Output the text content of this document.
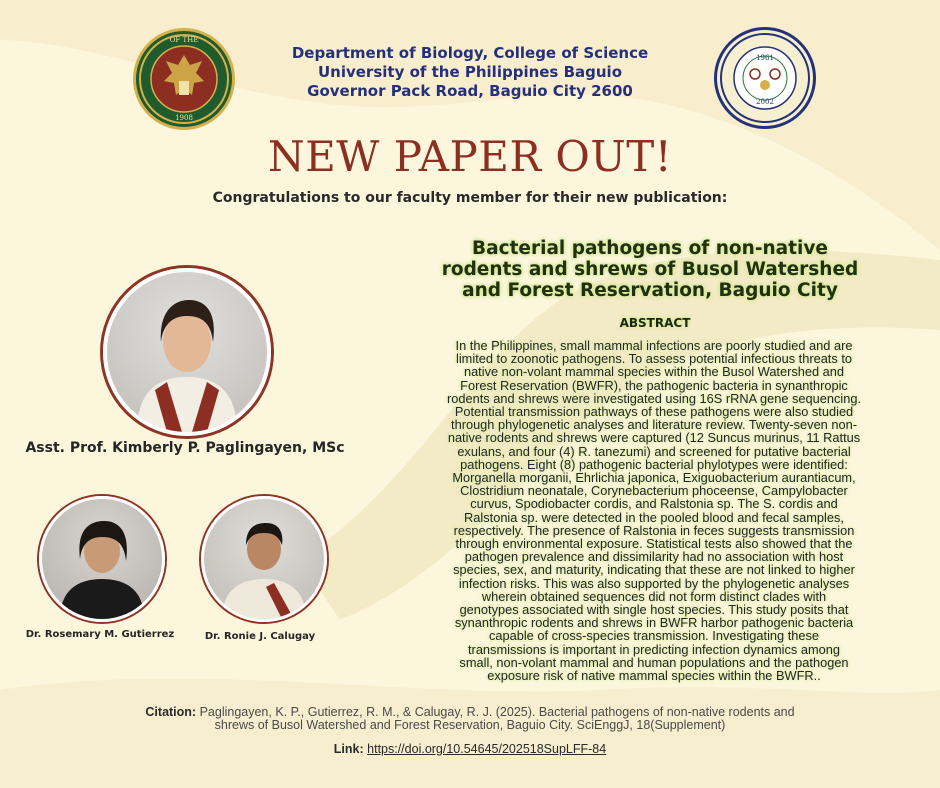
OF THE
1908
1961
2002
Department of Biology, College of Science
University of the Philippines Baguio
Governor Pack Road, Baguio City 2600
NEW PAPER OUT!
Congratulations to our faculty member for their new publication:
Bacterial pathogens of non-native
rodents and shrews of Busol Watershed
and Forest Reservation, Baguio City
ABSTRACT
In the Philippines, small mammal infections are poorly studied and are
limited to zoonotic pathogens. To assess potential infectious threats to
native non-volant mammal species within the Busol Watershed and
Forest Reservation (BWFR), the pathogenic bacteria in synanthropic
rodents and shrews were investigated using 16S rRNA gene sequencing.
Potential transmission pathways of these pathogens were also studied
through phylogenetic analyses and literature review. Twenty-seven non-
native rodents and shrews were captured (12 Suncus murinus, 11 Rattus
exulans, and four (4) R. tanezumi) and screened for putative bacterial
pathogens. Eight (8) pathogenic bacterial phylotypes were identified:
Morganella morganii, Ehrlichia japonica, Exiguobacterium aurantiacum,
Clostridium neonatale, Corynebacterium phoceense, Campylobacter
curvus, Spodiobacter cordis, and Ralstonia sp. The S. cordis and
Ralstonia sp. were detected in the pooled blood and fecal samples,
respectively. The presence of Ralstonia in feces suggests transmission
through environmental exposure. Statistical tests also showed that the
pathogen prevalence and dissimilarity had no association with host
species, sex, and maturity, indicating that these are not linked to higher
infection risks. This was also supported by the phylogenetic analyses
wherein obtained sequences did not form distinct clades with
genotypes associated with single host species. This study posits that
synanthropic rodents and shrews in BWFR harbor pathogenic bacteria
capable of cross-species transmission. Investigating these
transmissions is important in predicting infection dynamics among
small, non-volant mammal and human populations and the pathogen
exposure risk of native mammal species within the BWFR..
Asst. Prof. Kimberly P. Paglingayen, MSc
Dr. Rosemary M. Gutierrez	Dr. Ronie J. Calugay
Citation: Paglingayen, K. P., Gutierrez, R. M., & Calugay, R. J. (2025). Bacterial pathogens of non-native rodents and
shrews of Busol Watershed and Forest Reservation, Baguio City. SciEnggJ, 18(Supplement)
Link: https://doi.org/10.54645/202518SupLFF-84
